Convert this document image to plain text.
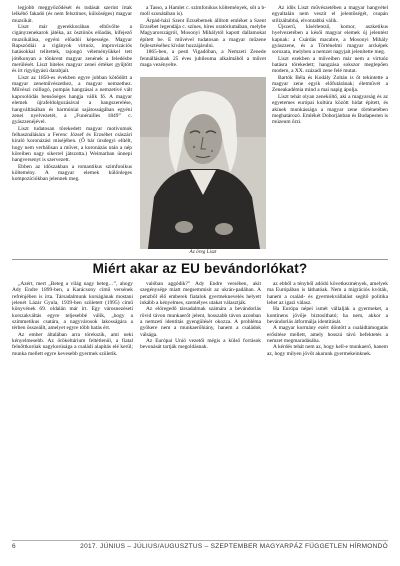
legjobb meggyőződését és tudását szerint írtak lelkébő fakadó (és nem felsztines, külsöséges) magyar muzsikát.

Liszt már gyerekkorában elbűvölte a cigányzenekarok játéka, az ösztönös előadás, kifejező muzsikálása, egyéni előadói képessége. Magyar Rapszódiái a cigányok virtuóz, improvizációs hatásokkal telítettek, rajongó véleményükkel tett jótékonyan a tönkrent magyar zenének a feledésbe merülését. Liszt hiteles magyar zenei értéket gyűjtött és írt rigyógyású darabjait.

Liszt az 1850-es években egyre jobban kötődött a magyar zeneművészethez, a magyar nemzethez. Művészi csillogó, pompás hangzásai a nemzetivé vált kapcsolódás bensőséges hangja válik fő. A magyar elemek újrafeldolgozásával a hangszerelése, hangváltásában és harmóniai sajátosságában egyéni zenei nyelvezetét, a „Funérailles 1849” c. gyászzenéjével.

Liszt tudatosan törekedett magyar motívumok felhasználására a Ferenc József és Erzsébet császári kiraló koronázási miséjében. (Ő bár úrsdegyi elítélt, hogy nem verbálisan a művet, a koronázás után a nép köreiben nagy sikerrel játszotta.) Weimarban ünnepi hangversenyt is szervezett.

Ebben az időszakban a romantikus szimfonikus költemény. A magyar elemek különleges kompozíciókban jelennek meg.

a Tasso, a Hamlet c. szimfonikus költemények, sőt a b-moll szonátában is).

Árpád-házi Szent Erzsébetnek állított emléket a Szent Erzsébet legendája c. színes, híres oratóriumában, melybe Magyarországról, Mosonyi Mihálytól kapott dallamokat épített be. E művével tudatosan a magyar műzene fejlesztéséhez kívánt hozzájárulni.

1865-ben, a pesti Vigadóban, a Nemzeti Zenede fennállásának 25 éves jubileuma alkalmából a művet maga vezényelte.

Az öreg Liszt

Az idős Liszt művészetében a magyar hangvétel egyaltalán nem veszít el jelentőségét, csupán stilizáltabbá, elvontabbá válik.

Újszerű, kísérletező, komor, aszketikus hyelvezetében a késői magyar elemek új jelentést kapnak: a Csárdás macabre, a Mosonyi Mihály gyászzene, és a Történelmi magyar arcképek sorozata, melyben a nemzet nagyjait jelenítette meg.

Liszt ezekben a műveiben már nem a virtuóz hatásra törekedett; hangzása sokszor meglepően modern, a XX. századi zene felé mutat.

Bartók Béla és Kodály Zoltán is őt tekintette a magyar zene egyik előfutárának; életművét a Zeneakadémia mind a mai napig ápolja.

Liszt tehát olyan zeneköltő, aki a magyarság és az egyetemes európai kultúra között hidat épített, és akinek munkássága a magyar zene történetében meghatározó. Emlékét Doborjánban és Budapesten is múzeum őrzi.

Miért akar az EU bevándorlókat?

„Azért, mert „Beteg a világ nagy beteg…”, ahogy Ady Endre 1899-ben, a Karácsony című versének refrénjében is írta. Társadalmunk korságának mostani jelenét Lázár Gyula, 1939-ben született (1995) című könyvének 69. oldalán már írt. Egy városnezéseti korszakváltás egyre teljesebbé válik, „hogy a szimmetikus csatára, a nagyvárosok lakosságára a térben összeállt, amelyet egyre több hatás ért.

Az ember általában arra törekszik, ami neki kényelmesebb. Az örökeltárium feltétlenül, a fiatal felnőttkorúak nagykorúsága a családi alapítás elé kerül; munka mellett egyre kevesebb gyermek születik.

valóban aggódik?” Ady Endre versében, akit szegénysége miatt megsemmisít az ukrán-padában. A penzből élő emberek fiatalok gyermeknevelés helyett inkább a kényelmes, személyes utakat választják.

Az elöregedő társadalmak számára a bevándorlás rövid távon munkaerőt jelent, hosszabb távon azonban a nemzeti identitás gyengülését okozza. A probléma gyökere nem a munkaerőhiány, hanem a családok válsága.

Az Európai Unió vezetői mégis a külső források bevonását tartják megoldásnak.

az ebből a tényből adódó következmények, amelyek ma Európában is láthatóak. Nem a migrációs kvóták, hanem a család- és gyermekvállalást segítő politika lehet az igazi válasz.

Ha Európa népei ismét vállalják a gyermeket, a kontinens jövője biztosítható; ha nem, akkor a bevándorlás átformálja identitását.

A magyar kormány ezért döntött a családtámogatás erősítése mellett, amely hosszú távú befektetés a nemzet megmaradásába.

A kérdés tehát nem az, hogy kell-e munkaerő, hanem az, hogy milyen jövőt akarunk gyermekeinknek.

6	2017. JÚNIUS – JÚLIUS/AUGUSZTUS – SZEPTEMBER MAGYARPÁZ FÜGGETLEN HÍRMONDÓ
